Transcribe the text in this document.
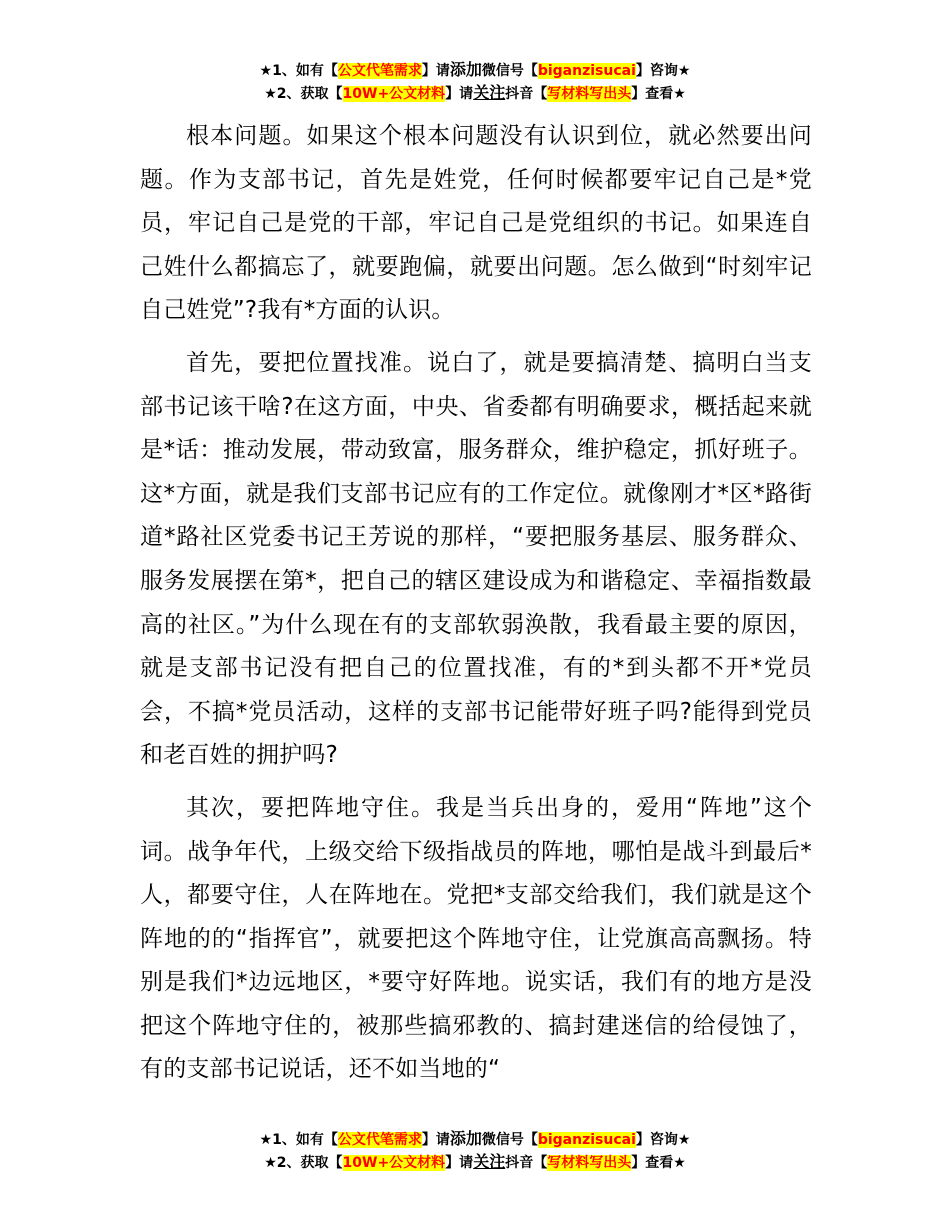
★1、如有【公文代笔需求】请添加微信号【biganzisucai】咨询★
★2、获取【10W+公文材料】请关注抖音【写材料写出头】查看★

根本问题。如果这个根本问题没有认识到位，就必然要出问题。作为支部书记，首先是姓党，任何时候都要牢记自己是*党员，牢记自己是党的干部，牢记自己是党组织的书记。如果连自己姓什么都搞忘了，就要跑偏，就要出问题。怎么做到“时刻牢记自己姓党”?我有*方面的认识。

首先，要把位置找准。说白了，就是要搞清楚、搞明白当支部书记该干啥?在这方面，中央、省委都有明确要求，概括起来就是*话：推动发展，带动致富，服务群众，维护稳定，抓好班子。这*方面，就是我们支部书记应有的工作定位。就像刚才*区*路街道*路社区党委书记王芳说的那样，“要把服务基层、服务群众、服务发展摆在第*，把自己的辖区建设成为和谐稳定、幸福指数最高的社区。”为什么现在有的支部软弱涣散，我看最主要的原因，就是支部书记没有把自己的位置找准，有的*到头都不开*党员会，不搞*党员活动，这样的支部书记能带好班子吗?能得到党员和老百姓的拥护吗?

其次，要把阵地守住。我是当兵出身的，爱用“阵地”这个词。战争年代，上级交给下级指战员的阵地，哪怕是战斗到最后*人，都要守住，人在阵地在。党把*支部交给我们，我们就是这个阵地的的“指挥官”，就要把这个阵地守住，让党旗高高飘扬。特别是我们*边远地区，*要守好阵地。说实话，我们有的地方是没把这个阵地守住的，被那些搞邪教的、搞封建迷信的给侵蚀了，有的支部书记说话，还不如当地的“

★1、如有【公文代笔需求】请添加微信号【biganzisucai】咨询★
★2、获取【10W+公文材料】请关注抖音【写材料写出头】查看★
